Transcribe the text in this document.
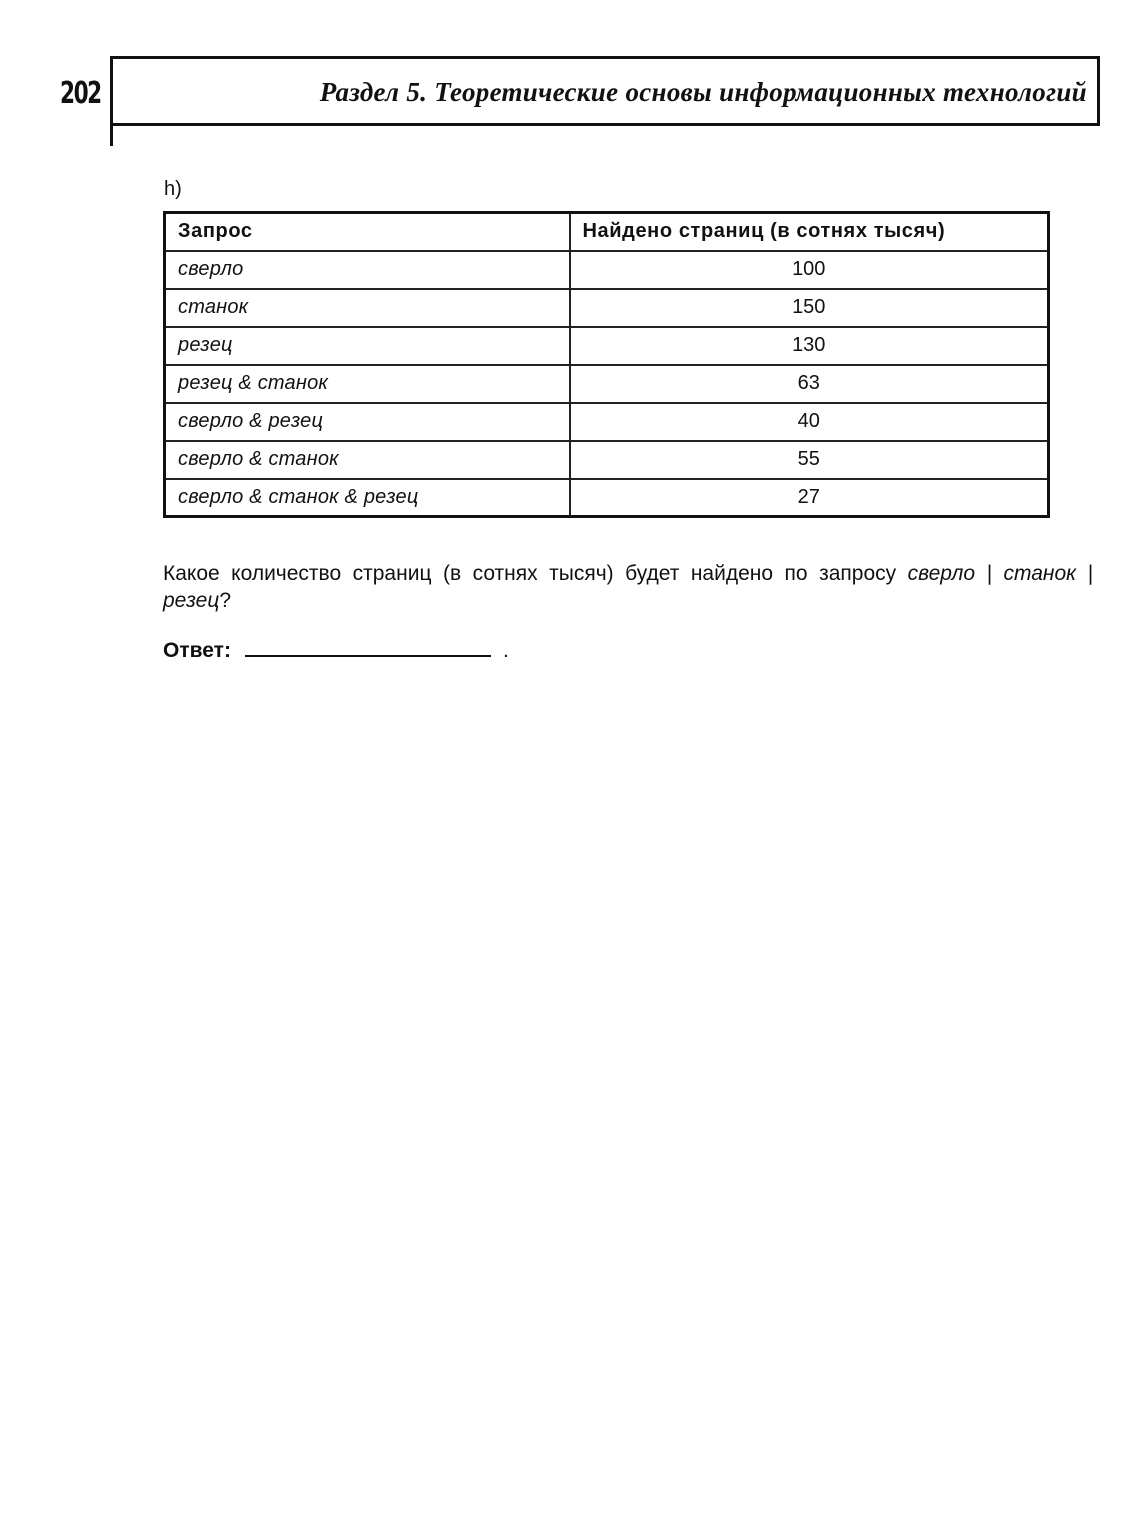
202	Раздел 5. Теоретические основы информационных технологий
h)
Запрос	Найдено страниц (в сотнях тысяч)
сверло	100
станок	150
резец	130
резец & станок	63
сверло & резец	40
сверло & станок	55
сверло & станок & резец	27
Какое количество страниц (в сотнях тысяч) будет найдено по запросу сверло | станок | резец?
Ответ:	.
